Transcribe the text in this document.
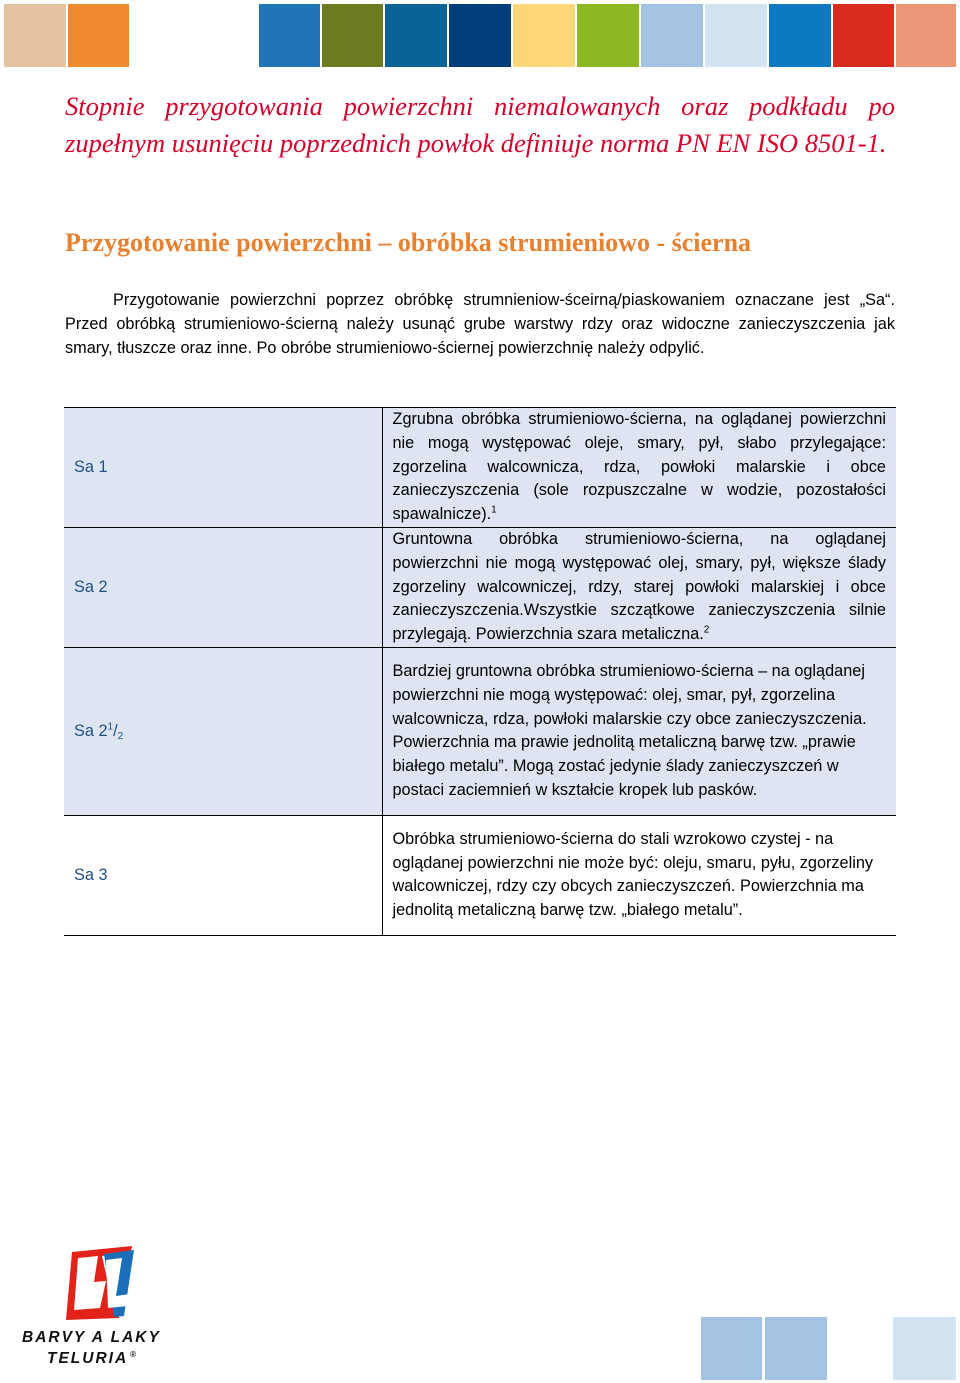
Stopnie przygotowania powierzchni niemalowanych oraz podkładu po zupełnym usunięciu poprzednich powłok definiuje norma PN EN ISO 8501-1.

Przygotowanie powierzchni – obróbka strumieniowo - ścierna

Przygotowanie powierzchni poprzez obróbkę strumnieniow-śceirną/piaskowaniem oznaczane jest „Sa“. Przed obróbką strumieniowo-ścierną należy usunąć grube warstwy rdzy oraz widoczne zanieczyszczenia jak smary, tłuszcze oraz inne. Po obróbe strumieniowo-ściernej powierzchnię należy odpylić.

Sa 1	Zgrubna obróbka strumieniowo-ścierna, na oglądanej powierzchni nie mogą występować oleje, smary, pył, słabo przylegające: zgorzelina walcownicza, rdza, powłoki malarskie i obce zanieczyszczenia (sole rozpuszczalne w wodzie, pozostałości spawalnicze).$^1$
Sa 2	Gruntowna obróbka strumieniowo-ścierna, na oglądanej powierzchni nie mogą występować olej, smary, pył, większe ślady zgorzeliny walcowniczej, rdzy, starej powłoki malarskiej i obce zanieczyszczenia.Wszystkie szczątkowe zanieczyszczenia silnie przylegają. Powierzchnia szara metaliczna.$^2$
Sa $2^1/_2$	Bardziej gruntowna obróbka strumieniowo-ścierna – na oglądanej powierzchni nie mogą występować: olej, smar, pył, zgorzelina walcownicza, rdza, powłoki malarskie czy obce zanieczyszczenia. Powierzchnia ma prawie jednolitą metaliczną barwę tzw. „prawie białego metalu”. Mogą zostać jedynie ślady zanieczyszczeń w postaci zaciemnień w kształcie kropek lub pasków.
Sa 3	Obróbka strumieniowo-ścierna do stali wzrokowo czystej - na oglądanej powierzchni nie może być: oleju, smaru, pyłu, zgorzeliny walcowniczej, rdzy czy obcych zanieczyszczeń. Powierzchnia ma jednolitą metaliczną barwę tzw. „białego metalu”.
BARVY A LAKY
TELURIA ®
